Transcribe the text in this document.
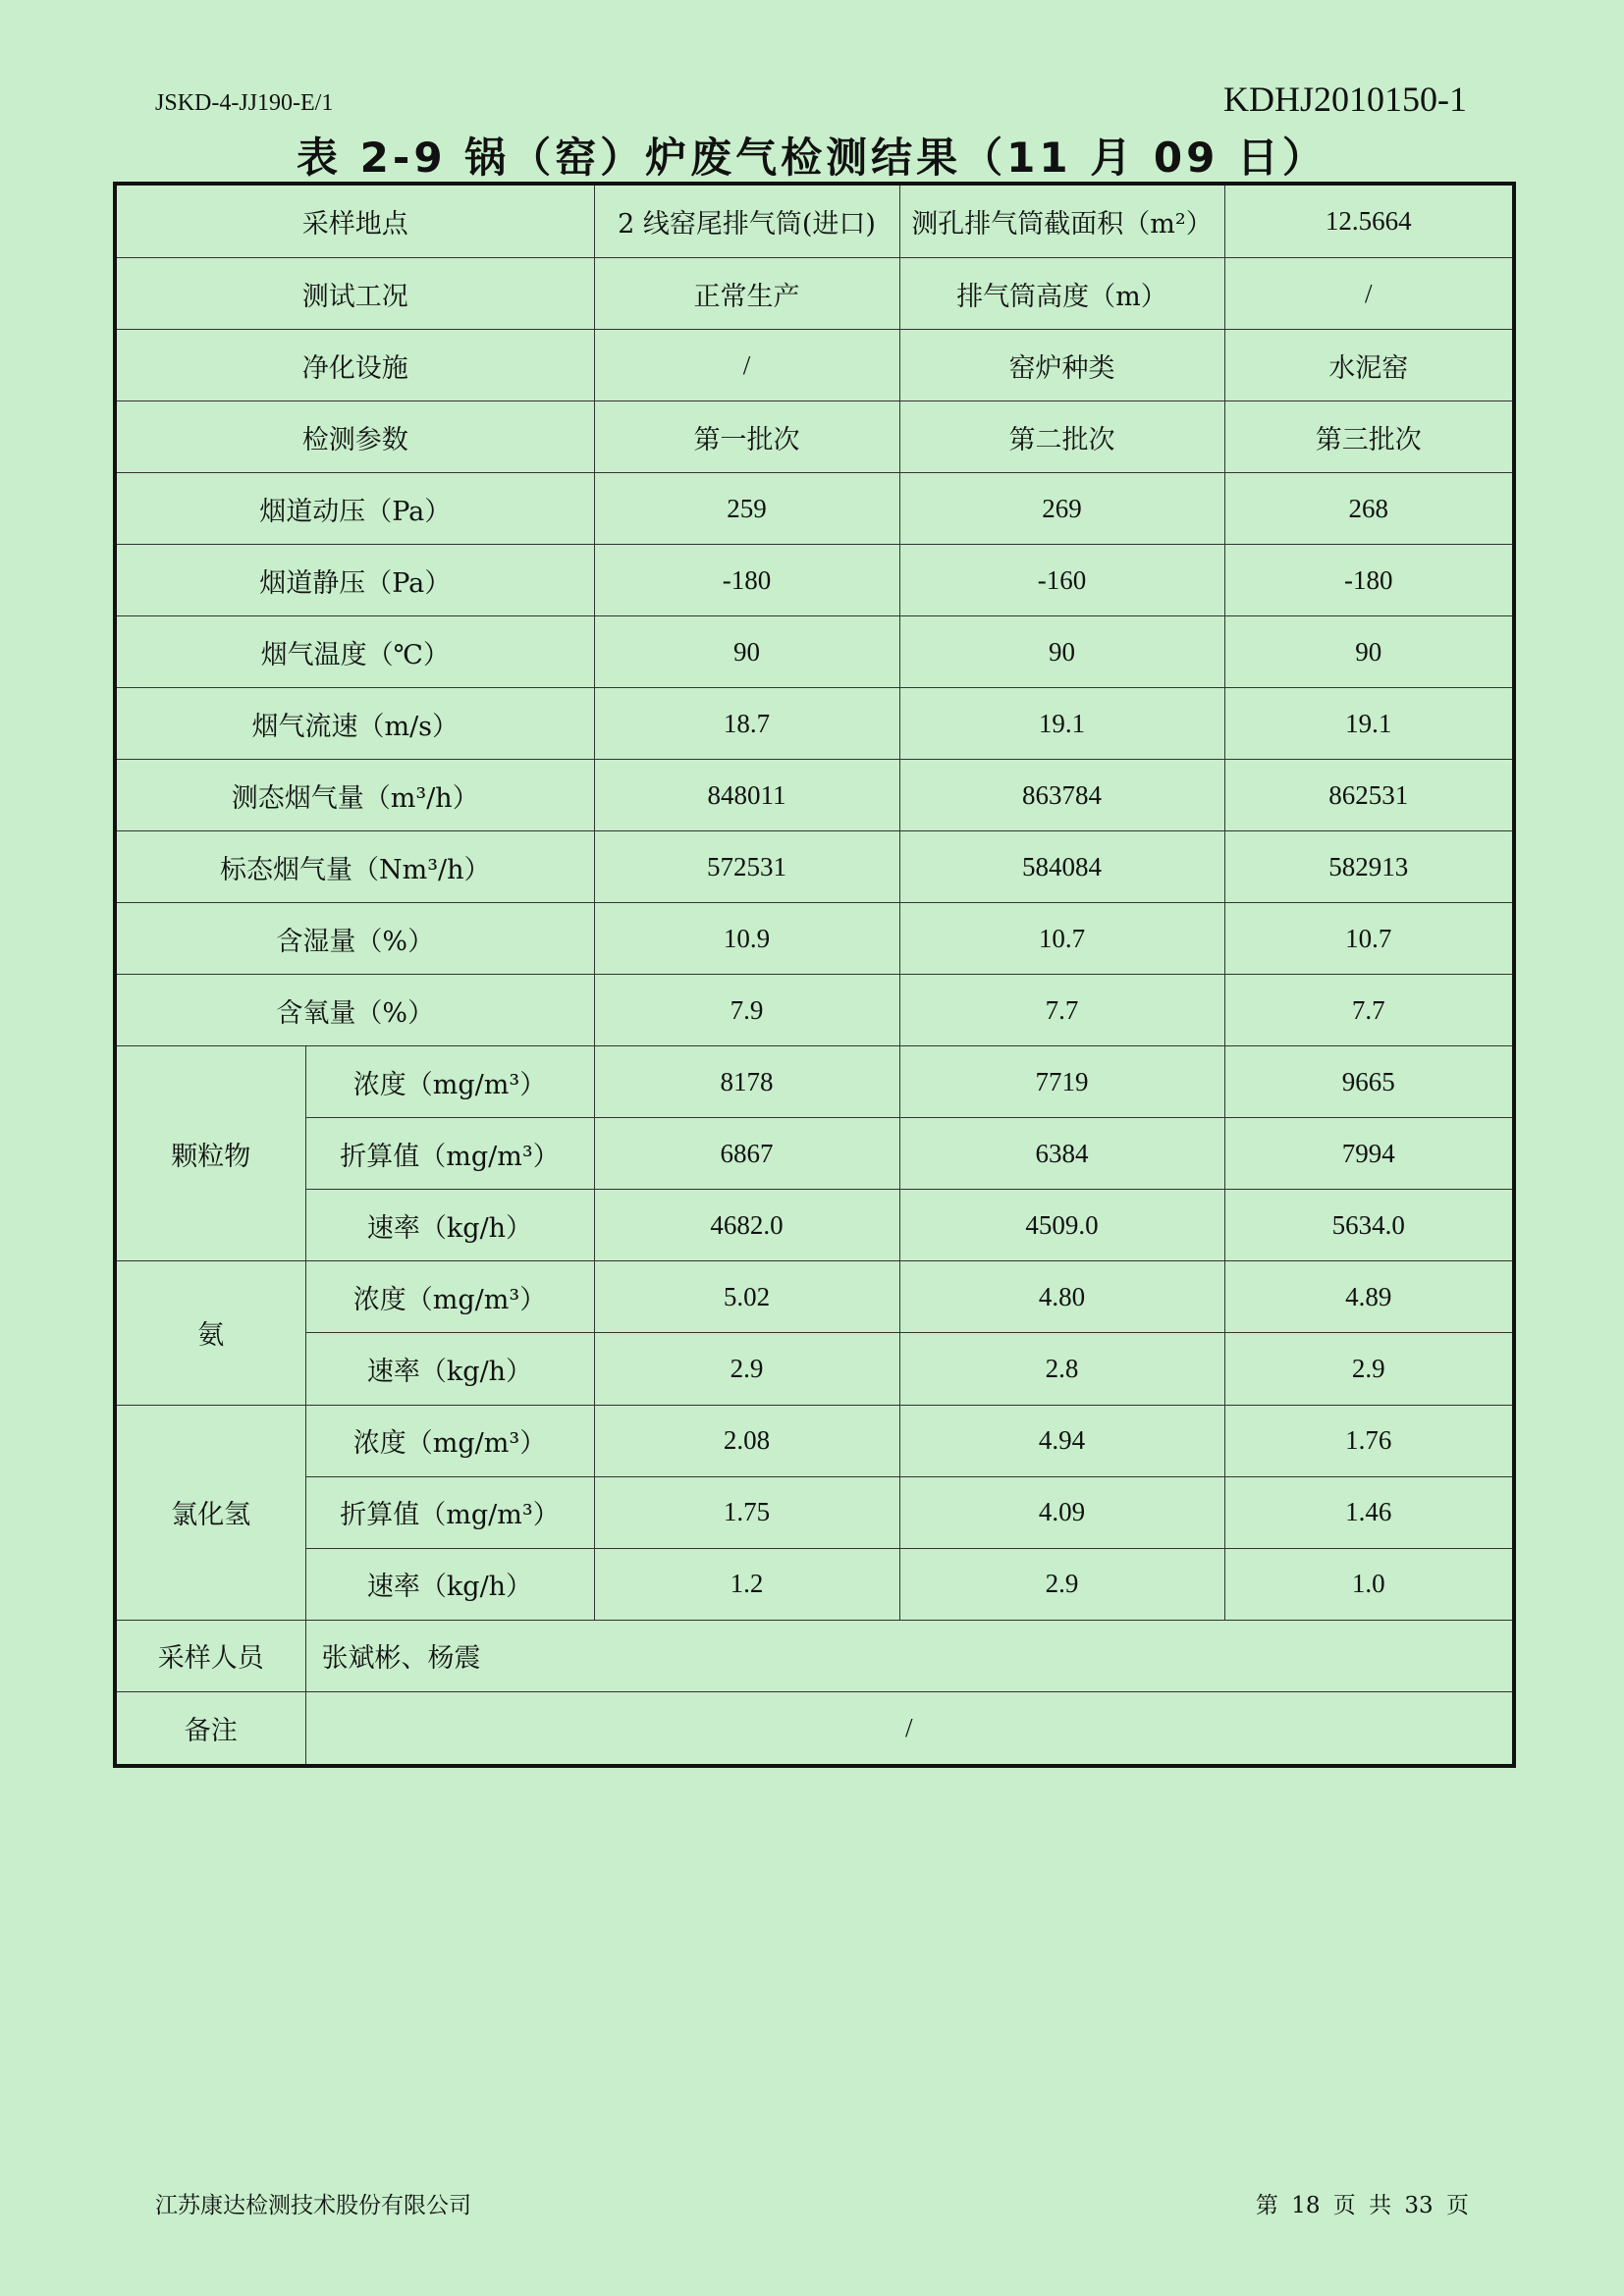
JSKD-4-JJ190-E/1	KDHJ2010150-1
表 2-9 锅（窑）炉废气检测结果（11 月 09 日）
采样地点		2 线窑尾排气筒(进口)	测孔排气筒截面积（m²）	12.5664
测试工况		正常生产	排气筒高度（m）	/
净化设施		/	窑炉种类	水泥窑
检测参数		第一批次	第二批次	第三批次
烟道动压（Pa）		259	269	268
烟道静压（Pa）		-180	-160	-180
烟气温度（℃）		90	90	90
烟气流速（m/s）		18.7	19.1	19.1
测态烟气量（m³/h）		848011	863784	862531
标态烟气量（Nm³/h）		572531	584084	582913
含湿量（%）		10.9	10.7	10.7
含氧量（%）		7.9	7.7	7.7
颗粒物	浓度（mg/m³）	8178	7719	9665
	折算值（mg/m³）	6867	6384	7994
	速率（kg/h）	4682.0	4509.0	5634.0
氨	浓度（mg/m³）	5.02	4.80	4.89
	速率（kg/h）	2.9	2.8	2.9
氯化氢	浓度（mg/m³）	2.08	4.94	1.76
	折算值（mg/m³）	1.75	4.09	1.46
	速率（kg/h）	1.2	2.9	1.0
采样人员	张斌彬、杨震			
备注	/			
江苏康达检测技术股份有限公司	第 18 页 共 33 页
